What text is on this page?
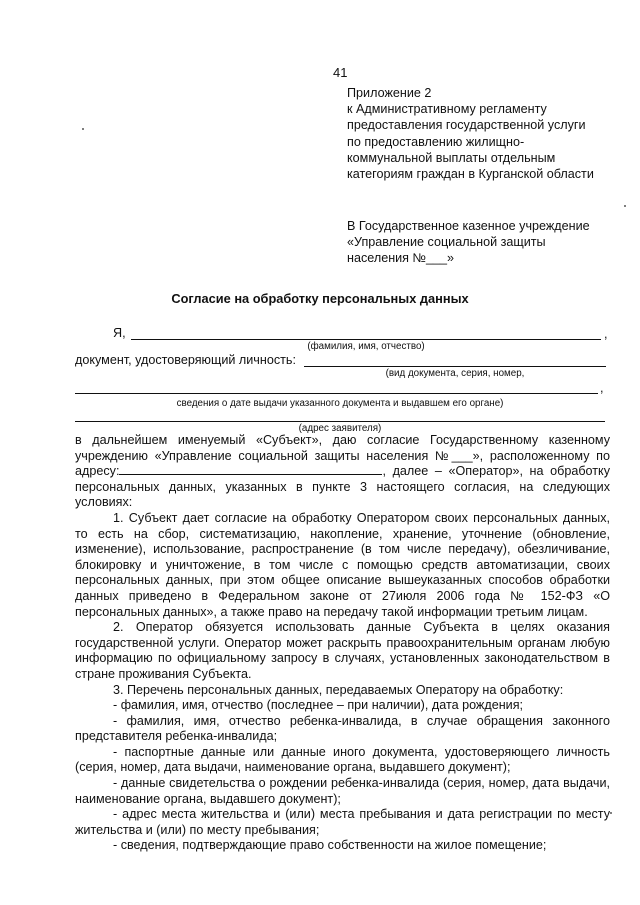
41
Приложение 2
к Административному регламенту
предоставления государственной услуги
по предоставлению жилищно-
коммунальной выплаты отдельным
категориям граждан в Курганской области
В Государственное казенное учреждение
«Управление социальной защиты
населения №___»
Согласие на обработку персональных данных
Я,	,
(фамилия, имя, отчество)
документ, удостоверяющий личность:
(вид документа, серия, номер,
,
сведения о дате выдачи указанного документа и выдавшем его органе)
(адрес заявителя)

в дальнейшем именуемый «Субъект», даю согласие Государственному казенному учреждению «Управление социальной защиты населения №___», расположенному по адресу:	, далее – «Оператор», на обработку персональных данных, указанных в пункте 3 настоящего согласия, на следующих условиях:

1. Субъект дает согласие на обработку Оператором своих персональных данных, то есть на сбор, систематизацию, накопление, хранение, уточнение (обновление, изменение), использование, распространение (в том числе передачу), обезличивание, блокировку и уничтожение, в том числе с помощью средств автоматизации, своих персональных данных, при этом общее описание вышеуказанных способов обработки данных приведено в Федеральном законе от 27июля 2006 года № 152-ФЗ «О персональных данных», а также право на передачу такой информации третьим лицам.

2. Оператор обязуется использовать данные Субъекта в целях оказания государственной услуги. Оператор может раскрыть правоохранительным органам любую информацию по официальному запросу в случаях, установленных законодательством в стране проживания Субъекта.

3. Перечень персональных данных, передаваемых Оператору на обработку:

- фамилия, имя, отчество (последнее – при наличии), дата рождения;

- фамилия, имя, отчество ребенка-инвалида, в случае обращения законного представителя ребенка-инвалида;

- паспортные данные или данные иного документа, удостоверяющего личность (серия, номер, дата выдачи, наименование органа, выдавшего документ);

- данные свидетельства о рождении ребенка-инвалида (серия, номер, дата выдачи, наименование органа, выдавшего документ);

- адрес места жительства и (или) места пребывания и дата регистрации по месту жительства и (или) по месту пребывания;

- сведения, подтверждающие право собственности на жилое помещение;
